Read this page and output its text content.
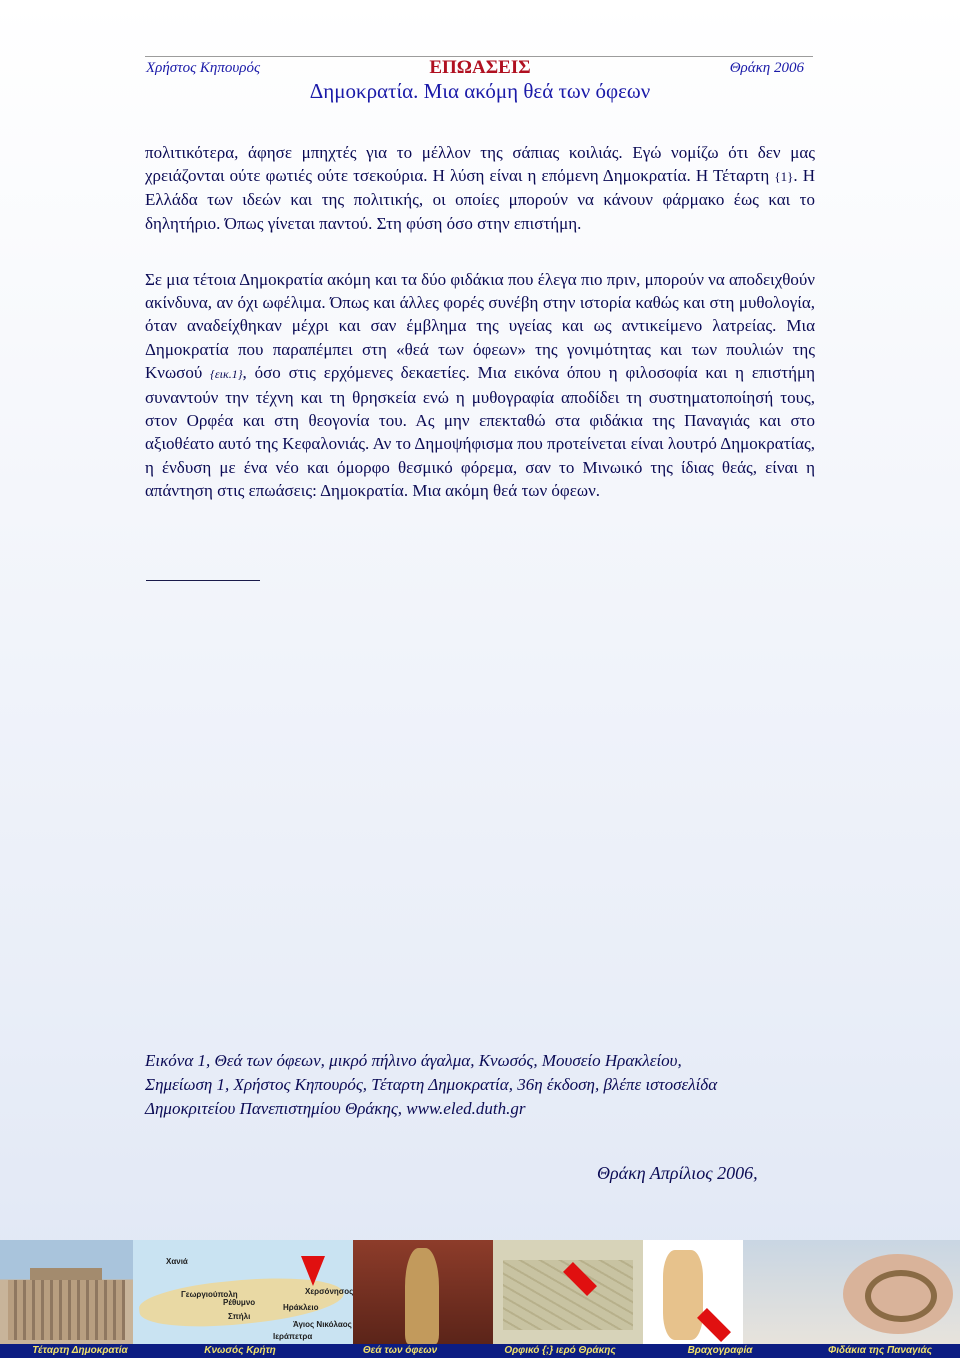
Χρήστος Κηπουρός	ΕΠΩΑΣΕΙΣ	Θράκη 2006
Δημοκρατία. Μια ακόμη θεά των όφεων
πολιτικότερα, άφησε μπηχτές για το μέλλον της σάπιας κοιλιάς. Εγώ νομίζω ότι δεν μας χρειάζονται ούτε φωτιές ούτε τσεκούρια. Η λύση είναι η επόμενη Δημοκρατία. Η Τέταρτη {1}. Η Ελλάδα των ιδεών και της πολιτικής, οι οποίες μπορούν να κάνουν φάρμακο έως και το δηλητήριο. Όπως γίνεται παντού. Στη φύση όσο στην επιστήμη.
Σε μια τέτοια Δημοκρατία ακόμη και τα δύο φιδάκια που έλεγα πιο πριν, μπορούν να αποδειχθούν ακίνδυνα, αν όχι ωφέλιμα. Όπως και άλλες φορές συνέβη στην ιστορία καθώς και στη μυθολογία, όταν αναδείχθηκαν μέχρι και σαν έμβλημα της υγείας και ως αντικείμενο λατρείας. Μια Δημοκρατία που παραπέμπει στη «θεά των όφεων» της γονιμότητας και των πουλιών της Κνωσού {εικ.1}, όσο στις ερχόμενες δεκαετίες. Μια εικόνα όπου η φιλοσοφία και η επιστήμη συναντούν την τέχνη και τη θρησκεία ενώ η μυθογραφία αποδίδει τη συστηματοποίησή τους, στον Ορφέα και στη θεογονία του. Ας μην επεκταθώ στα φιδάκια της Παναγιάς και στο αξιοθέατο αυτό της Κεφαλονιάς. Αν το Δημοψήφισμα που προτείνεται είναι λουτρό Δημοκρατίας, η ένδυση με ένα νέο και όμορφο θεσμικό φόρεμα, σαν το Μινωικό της ίδιας θεάς, είναι η απάντηση στις επωάσεις: Δημοκρατία. Μια ακόμη θεά των όφεων.
Εικόνα 1, Θεά των όφεων, μικρό πήλινο άγαλμα, Κνωσός, Μουσείο Ηρακλείου,
Σημείωση 1, Χρήστος Κηπουρός, Τέταρτη Δημοκρατία, 36η έκδοση, βλέπε ιστοσελίδα
Δημοκριτείου Πανεπιστημίου Θράκης, www.eled.duth.gr
Θράκη Απρίλιος 2006,
Χανιά
Γεωργιούπολη
Ρέθυμνο
Σπήλι
Ηράκλειο
Χερσόνησος
Άγιος Νικόλαος
Ιεράπετρα
Τέταρτη Δημοκρατία	Κνωσός Κρήτη	Θεά των όφεων	Ορφικό {;} ιερό Θράκης	Βραχογραφία	Φιδάκια της Παναγιάς
